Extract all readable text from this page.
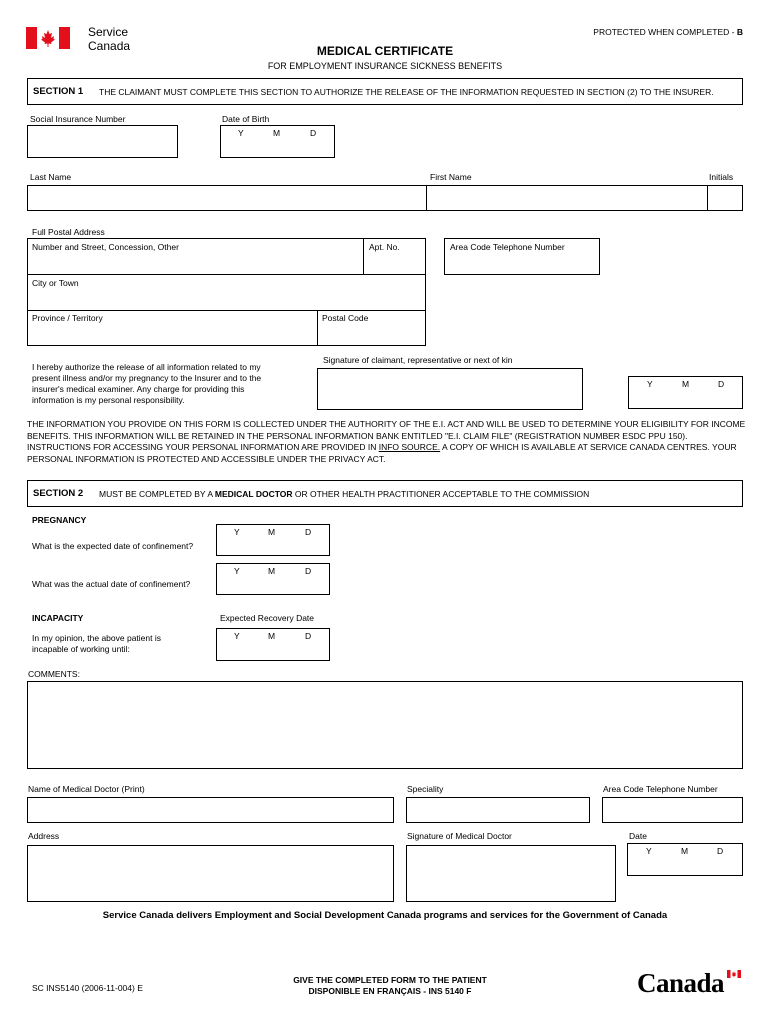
Service
Canada
PROTECTED WHEN COMPLETED - B
MEDICAL CERTIFICATE
FOR EMPLOYMENT INSURANCE SICKNESS BENEFITS
SECTION 1 THE CLAIMANT MUST COMPLETE THIS SECTION TO AUTHORIZE THE RELEASE OF THE INFORMATION REQUESTED IN SECTION (2) TO THE INSURER.
Social Insurance Number	Date of Birth
Y	M	D
Last Name	First Name	Initials
Full Postal Address
Number and Street, Concession, Other	Apt. No.	Area Code Telephone Number
City or Town
Province / Territory	Postal Code
Signature of claimant, representative or next of kin
I hereby authorize the release of all information related to my present illness and/or my pregnancy to the Insurer and to the insurer's medical examiner. Any charge for providing this information is my personal responsibility.
Y	M	D
THE INFORMATION YOU PROVIDE ON THIS FORM IS COLLECTED UNDER THE AUTHORITY OF THE E.I. ACT AND WILL BE USED TO DETERMINE YOUR ELIGIBILITY FOR INCOME BENEFITS. THIS INFORMATION WILL BE RETAINED IN THE PERSONAL INFORMATION BANK ENTITLED "E.I. CLAIM FILE" (REGISTRATION NUMBER ESDC PPU 150). INSTRUCTIONS FOR ACCESSING YOUR PERSONAL INFORMATION ARE PROVIDED IN INFO SOURCE. A COPY OF WHICH IS AVAILABLE AT SERVICE CANADA CENTRES. YOUR PERSONAL INFORMATION IS PROTECTED AND ACCESSIBLE UNDER THE PRIVACY ACT.
SECTION 2 MUST BE COMPLETED BY A MEDICAL DOCTOR OR OTHER HEALTH PRACTITIONER ACCEPTABLE TO THE COMMISSION
PREGNANCY
What is the expected date of confinement?
Y	M	D
What was the actual date of confinement?
Y	M	D
INCAPACITY	Expected Recovery Date
In my opinion, the above patient is incapable of working until:
Y	M	D
COMMENTS:
Name of Medical Doctor (Print)	Speciality	Area Code Telephone Number
Address	Signature of Medical Doctor	Date
Y	M	D
Service Canada delivers Employment and Social Development Canada programs and services for the Government of Canada
SC INS5140 (2006-11-004) E
GIVE THE COMPLETED FORM TO THE PATIENT
DISPONIBLE EN FRANÇAIS - INS 5140 F	Canada
